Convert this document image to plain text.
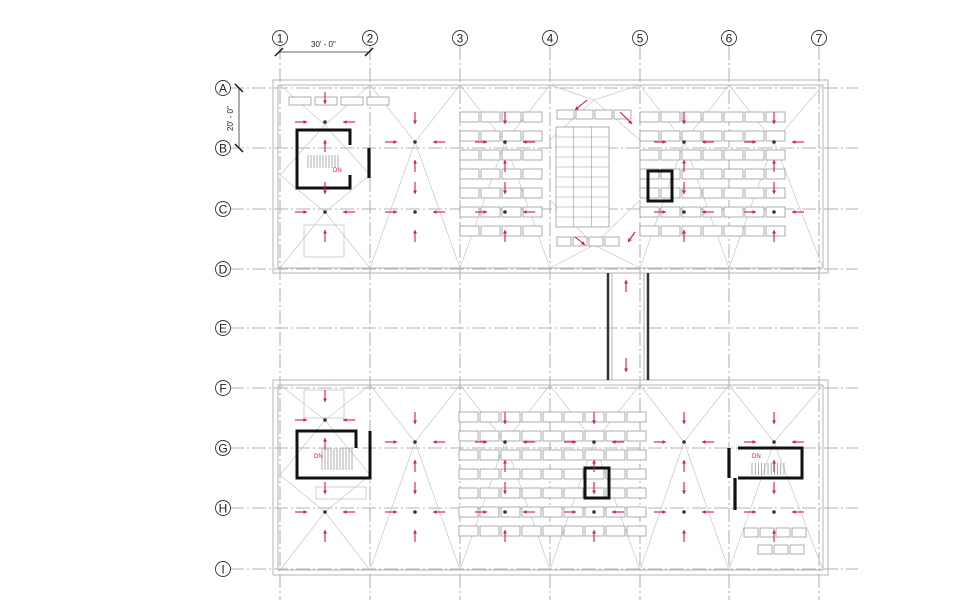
30' - 0"
20' - 0"
DN
DN	DN
1	2	3	4	5	6	7
A
B
C
D
E
F
G
H
I
